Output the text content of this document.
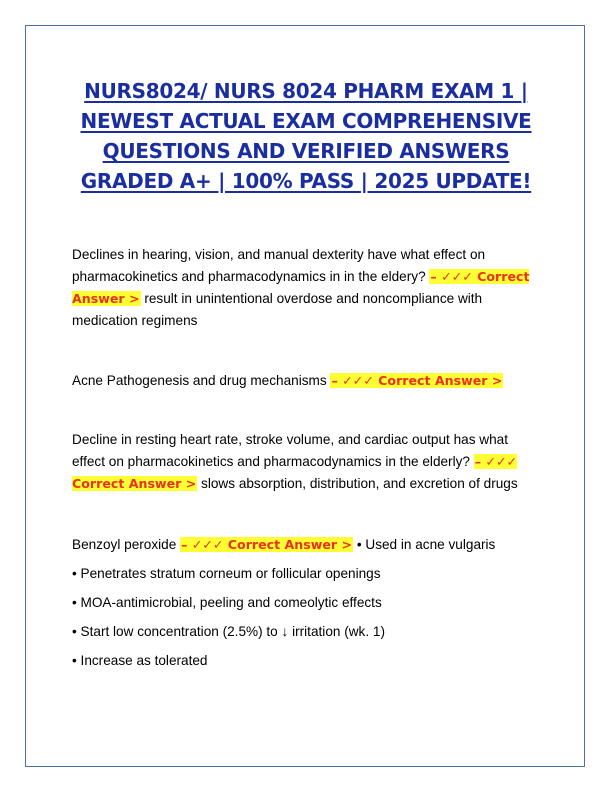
NURS8024/ NURS 8024 PHARM EXAM 1 |
NEWEST ACTUAL EXAM COMPREHENSIVE
QUESTIONS AND VERIFIED ANSWERS
GRADED A+ | 100% PASS | 2025 UPDATE!

Declines in hearing, vision, and manual dexterity have what effect on pharmacokinetics and pharmacodynamics in in the eldery? – ✓✓✓ Correct Answer > result in unintentional overdose and noncompliance with medication regimens

Acne Pathogenesis and drug mechanisms – ✓✓✓ Correct Answer >

Decline in resting heart rate, stroke volume, and cardiac output has what effect on pharmacokinetics and pharmacodynamics in the elderly? – ✓✓✓ Correct Answer > slows absorption, distribution, and excretion of drugs

Benzoyl peroxide – ✓✓✓ Correct Answer > • Used in acne vulgaris

• Penetrates stratum corneum or follicular openings

• MOA-antimicrobial, peeling and comeolytic effects

• Start low concentration (2.5%) to ↓ irritation (wk. 1)

• Increase as tolerated
